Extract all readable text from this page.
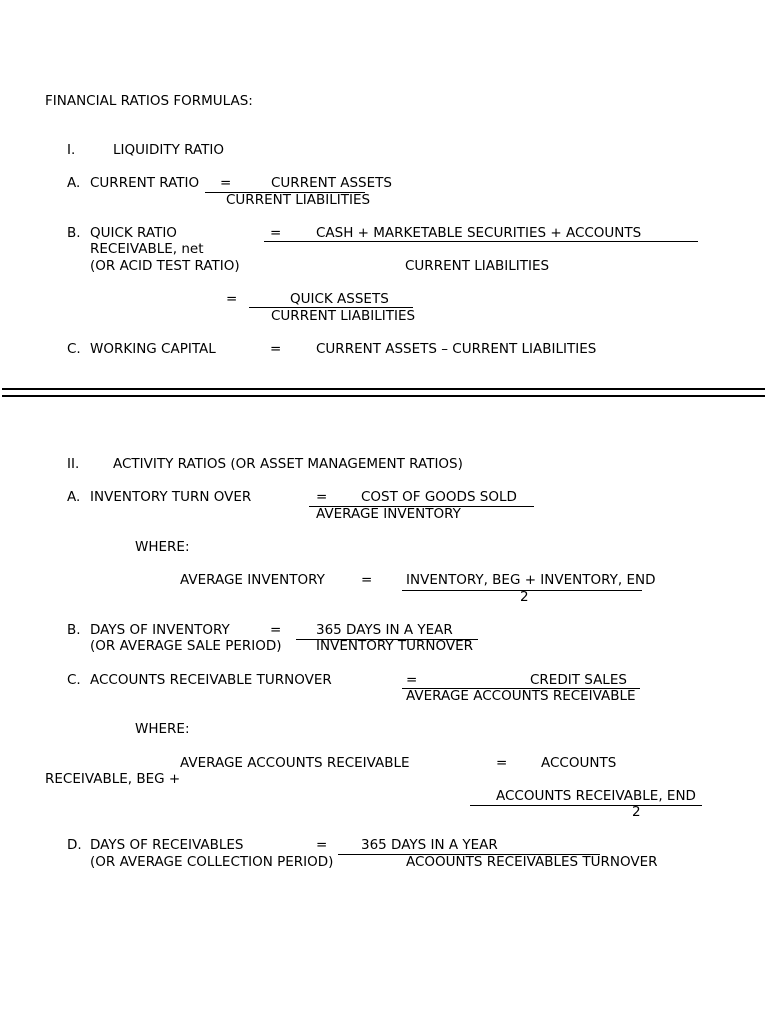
FINANCIAL RATIOS FORMULAS:
I.	LIQUIDITY RATIO
A. CURRENT RATIO =	CURRENT ASSETS
CURRENT LIABILITIES
B. QUICK RATIO	=	CASH + MARKETABLE SECURITIES + ACCOUNTS
RECEIVABLE, net
(OR ACID TEST RATIO)	CURRENT LIABILITIES
=	QUICK ASSETS
CURRENT LIABILITIES
C. WORKING CAPITAL	=	CURRENT ASSETS – CURRENT LIABILITIES
II. ACTIVITY RATIOS (OR ASSET MANAGEMENT RATIOS)
A. INVENTORY TURN OVER	= COST OF GOODS SOLD
AVERAGE INVENTORY
WHERE:
AVERAGE INVENTORY	= INVENTORY, BEG + INVENTORY, END
2
B. DAYS OF INVENTORY	=	365 DAYS IN A YEAR
(OR AVERAGE SALE PERIOD)	INVENTORY TURNOVER
C. ACCOUNTS RECEIVABLE TURNOVER	=	CREDIT SALES
AVERAGE ACCOUNTS RECEIVABLE
WHERE:
AVERAGE ACCOUNTS RECEIVABLE	= ACCOUNTS
RECEIVABLE, BEG +
ACCOUNTS RECEIVABLE, END
2
D. DAYS OF RECEIVABLES	= 365 DAYS IN A YEAR
(OR AVERAGE COLLECTION PERIOD)	ACOOUNTS RECEIVABLES TURNOVER
